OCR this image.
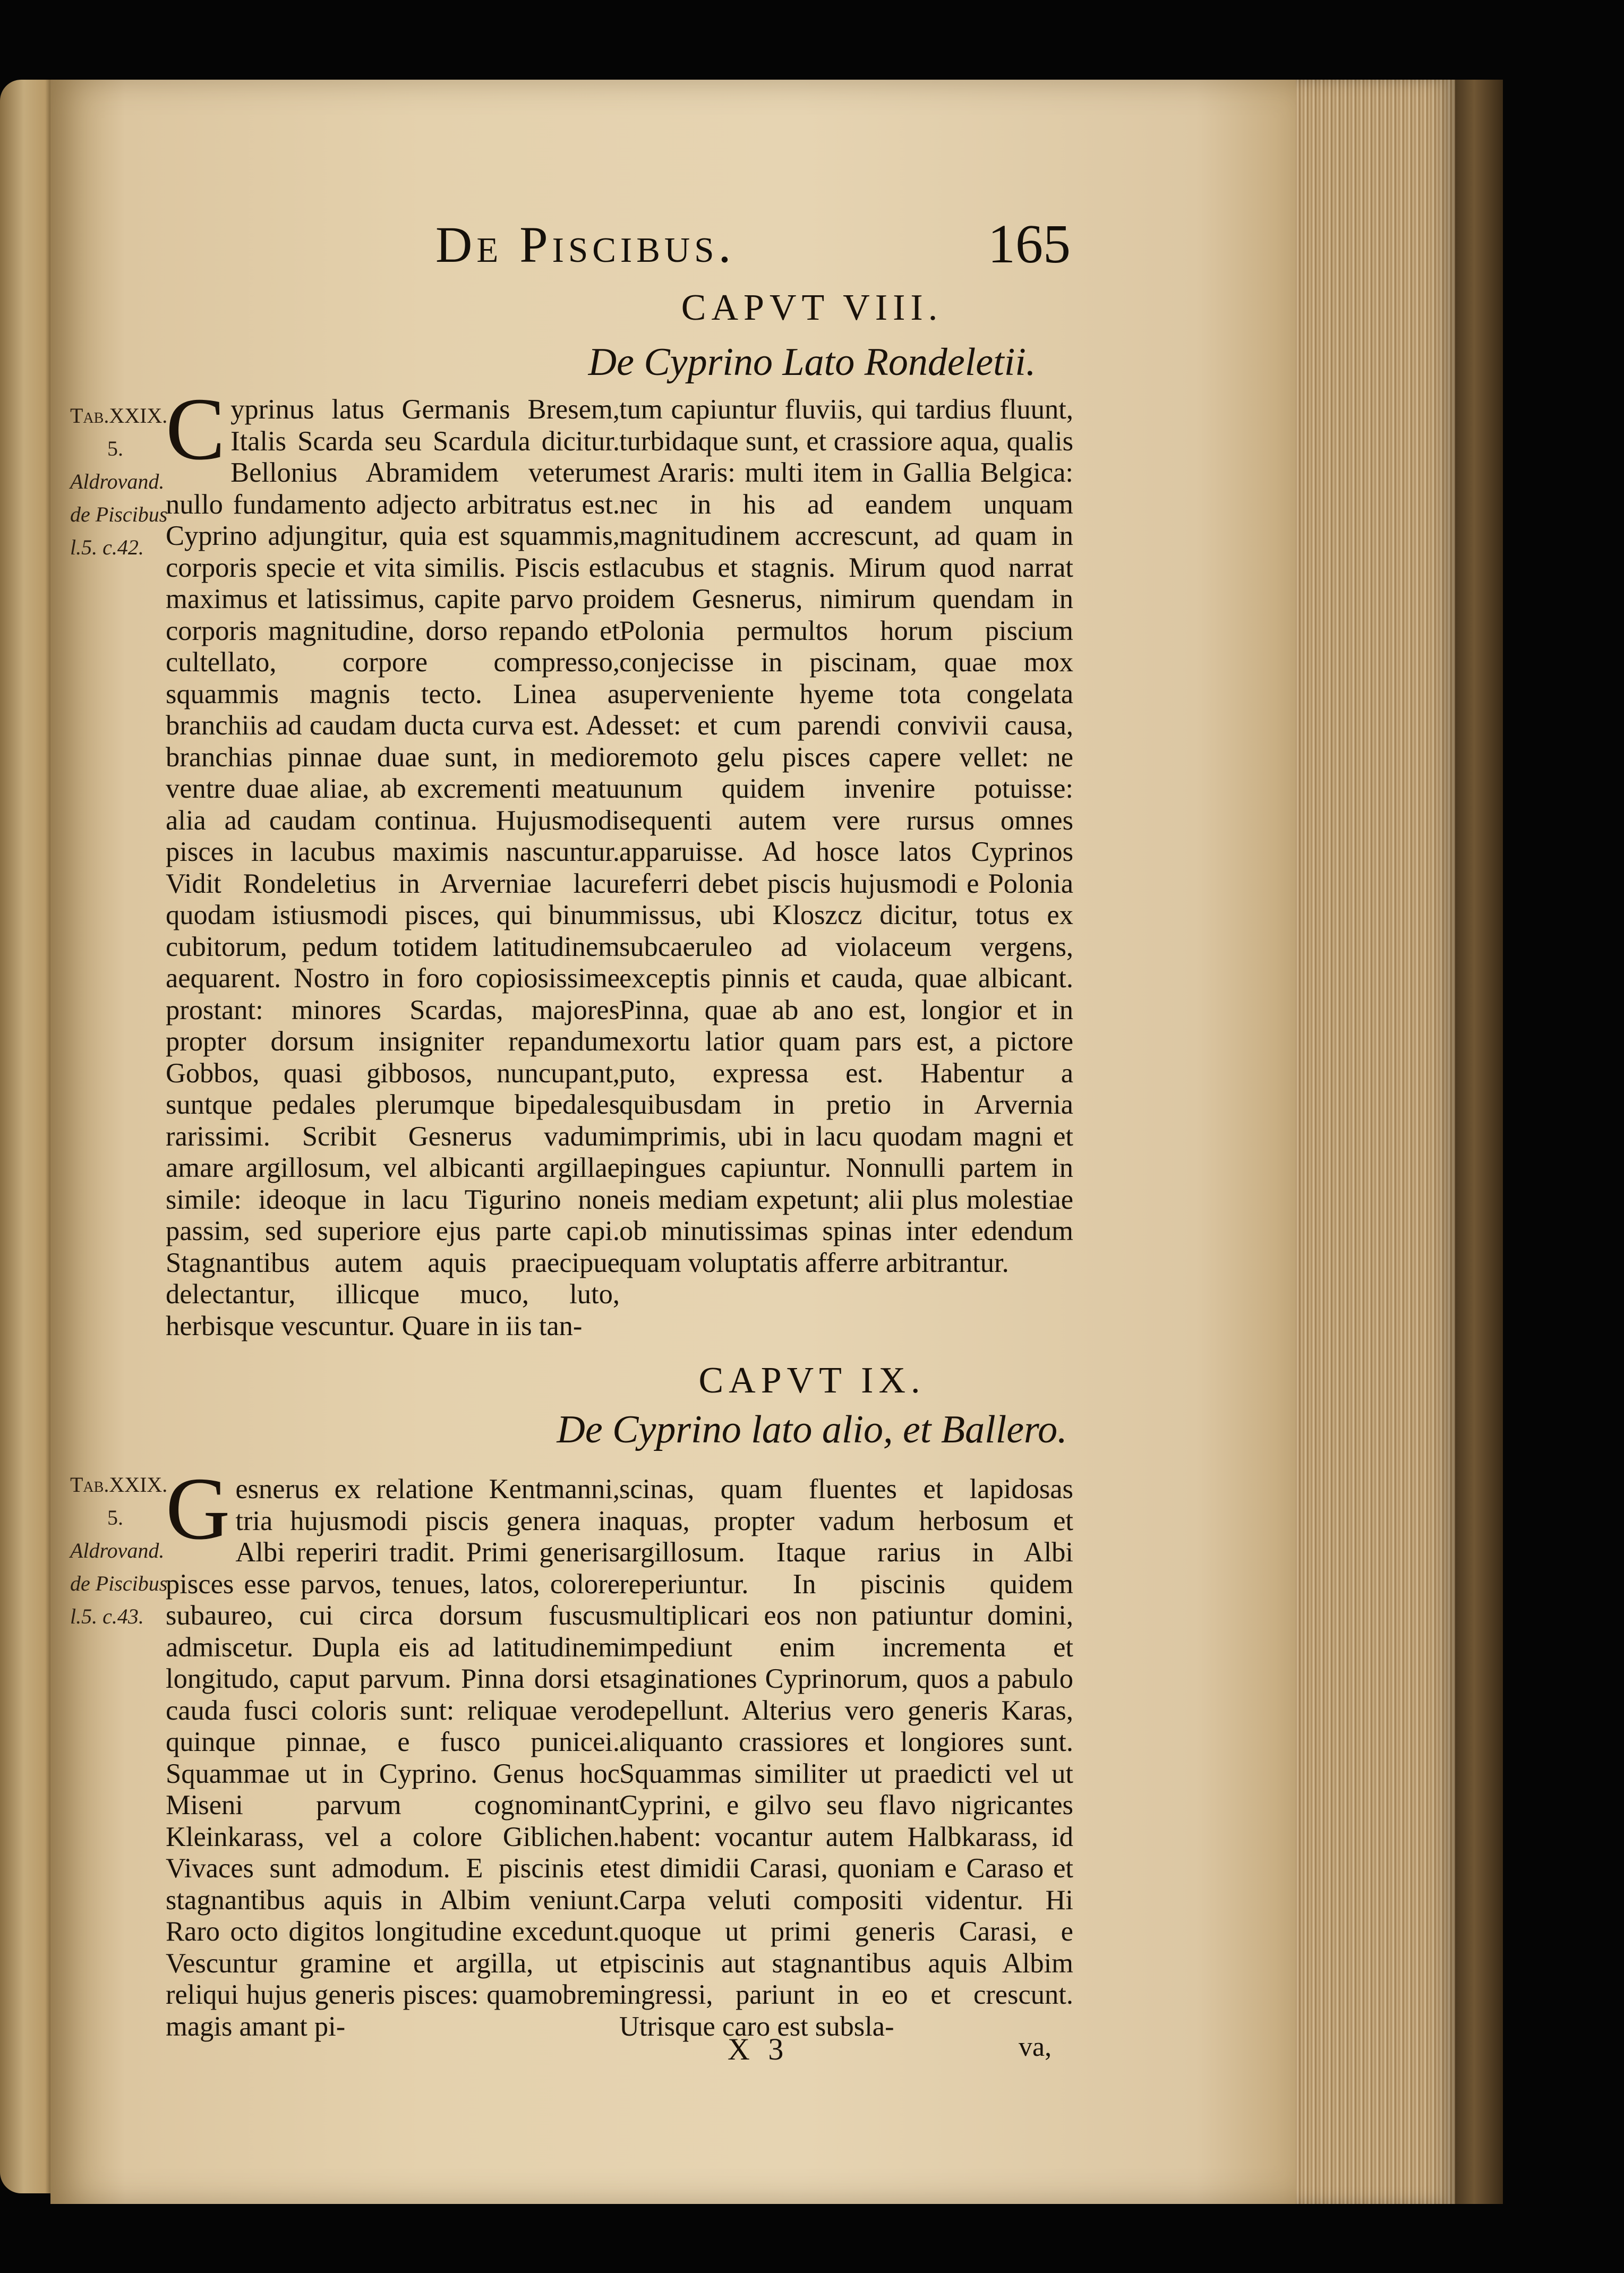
De Piscibus.	165
CAPVT VIII.
De Cyprino Lato Rondeletii.
Tab.XXIX.
5.
Aldrovand.
de Piscibus
l.5. c.42.
C yprinus latus Germanis Bresem, Italis Scarda seu Scardula dicitur. Bellonius Abramidem veterum nullo fundamento adjecto arbitratus est. Cyprino adjungitur, quia est squammis, corporis specie et vita similis. Piscis est maximus et latissimus, capite parvo pro corporis magnitudine, dorso repando et cultellato, corpore compresso, squammis magnis tecto. Linea a branchiis ad caudam ducta curva est. Ad branchias pinnae duae sunt, in medio ventre duae aliae, ab excrementi meatu alia ad caudam continua. Hujusmodi pisces in lacubus maximis nascuntur. Vidit Rondeletius in Arverniae lacu quodam istiusmodi pisces, qui binum cubitorum, pedum totidem latitudinem aequarent. Nostro in foro copiosissime prostant: minores Scardas, majores propter dorsum insigniter repandum Gobbos, quasi gibbosos, nuncupant, suntque pedales plerumque bipedales rarissimi. Scribit Gesnerus vadum amare argillosum, vel albicanti argillae simile: ideoque in lacu Tigurino non passim, sed superiore ejus parte capi. Stagnantibus autem aquis praecipue delectantur, illicque muco, luto, herbisque vescuntur. Quare in iis tan-

tum capiuntur fluviis, qui tardius fluunt, turbidaque sunt, et crassiore aqua, qualis est Araris: multi item in Gallia Belgica: nec in his ad eandem unquam magnitudinem accrescunt, ad quam in lacubus et stagnis. Mirum quod narrat idem Gesnerus, nimirum quendam in Polonia permultos horum piscium conjecisse in piscinam, quae mox superveniente hyeme tota congelata esset: et cum parendi convivii causa, remoto gelu pisces capere vellet: ne unum quidem invenire potuisse: sequenti autem vere rursus omnes apparuisse. Ad hosce latos Cyprinos referri debet piscis hujusmodi e Polonia missus, ubi Kloszcz dicitur, totus ex subcaeruleo ad violaceum vergens, exceptis pinnis et cauda, quae albicant. Pinna, quae ab ano est, longior et in exortu latior quam pars est, a pictore puto, expressa est. Habentur a quibusdam in pretio in Arvernia imprimis, ubi in lacu quodam magni et pingues capiuntur. Nonnulli partem in eis mediam expetunt; alii plus molestiae ob minutissimas spinas inter edendum quam voluptatis afferre arbitrantur.

CAPVT IX.
De Cyprino lato alio, et Ballero.
Tab.XXIX.
5.
Aldrovand.
de Piscibus
l.5. c.43.
G esnerus ex relatione Kentmanni, tria hujusmodi piscis genera in Albi reperiri tradit. Primi generis pisces esse parvos, tenues, latos, colore subaureo, cui circa dorsum fuscus admiscetur. Dupla eis ad latitudinem longitudo, caput parvum. Pinna dorsi et cauda fusci coloris sunt: reliquae vero quinque pinnae, e fusco punicei. Squammae ut in Cyprino. Genus hoc Miseni parvum cognominant Kleinkarass, vel a colore Giblichen. Vivaces sunt admodum. E piscinis et stagnantibus aquis in Albim veniunt. Raro octo digitos longitudine excedunt. Vescuntur gramine et argilla, ut et reliqui hujus generis pisces: quamobrem magis amant pi-

scinas, quam fluentes et lapidosas aquas, propter vadum herbosum et argillosum. Itaque rarius in Albi reperiuntur. In piscinis quidem multiplicari eos non patiuntur domini, impediunt enim incrementa et saginationes Cyprinorum, quos a pabulo depellunt. Alterius vero generis Karas, aliquanto crassiores et longiores sunt. Squammas similiter ut praedicti vel ut Cyprini, e gilvo seu flavo nigricantes habent: vocantur autem Halbkarass, id est dimidii Carasi, quoniam e Caraso et Carpa veluti compositi videntur. Hi quoque ut primi generis Carasi, e piscinis aut stagnantibus aquis Albim ingressi, pariunt in eo et crescunt. Utrisque caro est subsla-

X 3	va,
